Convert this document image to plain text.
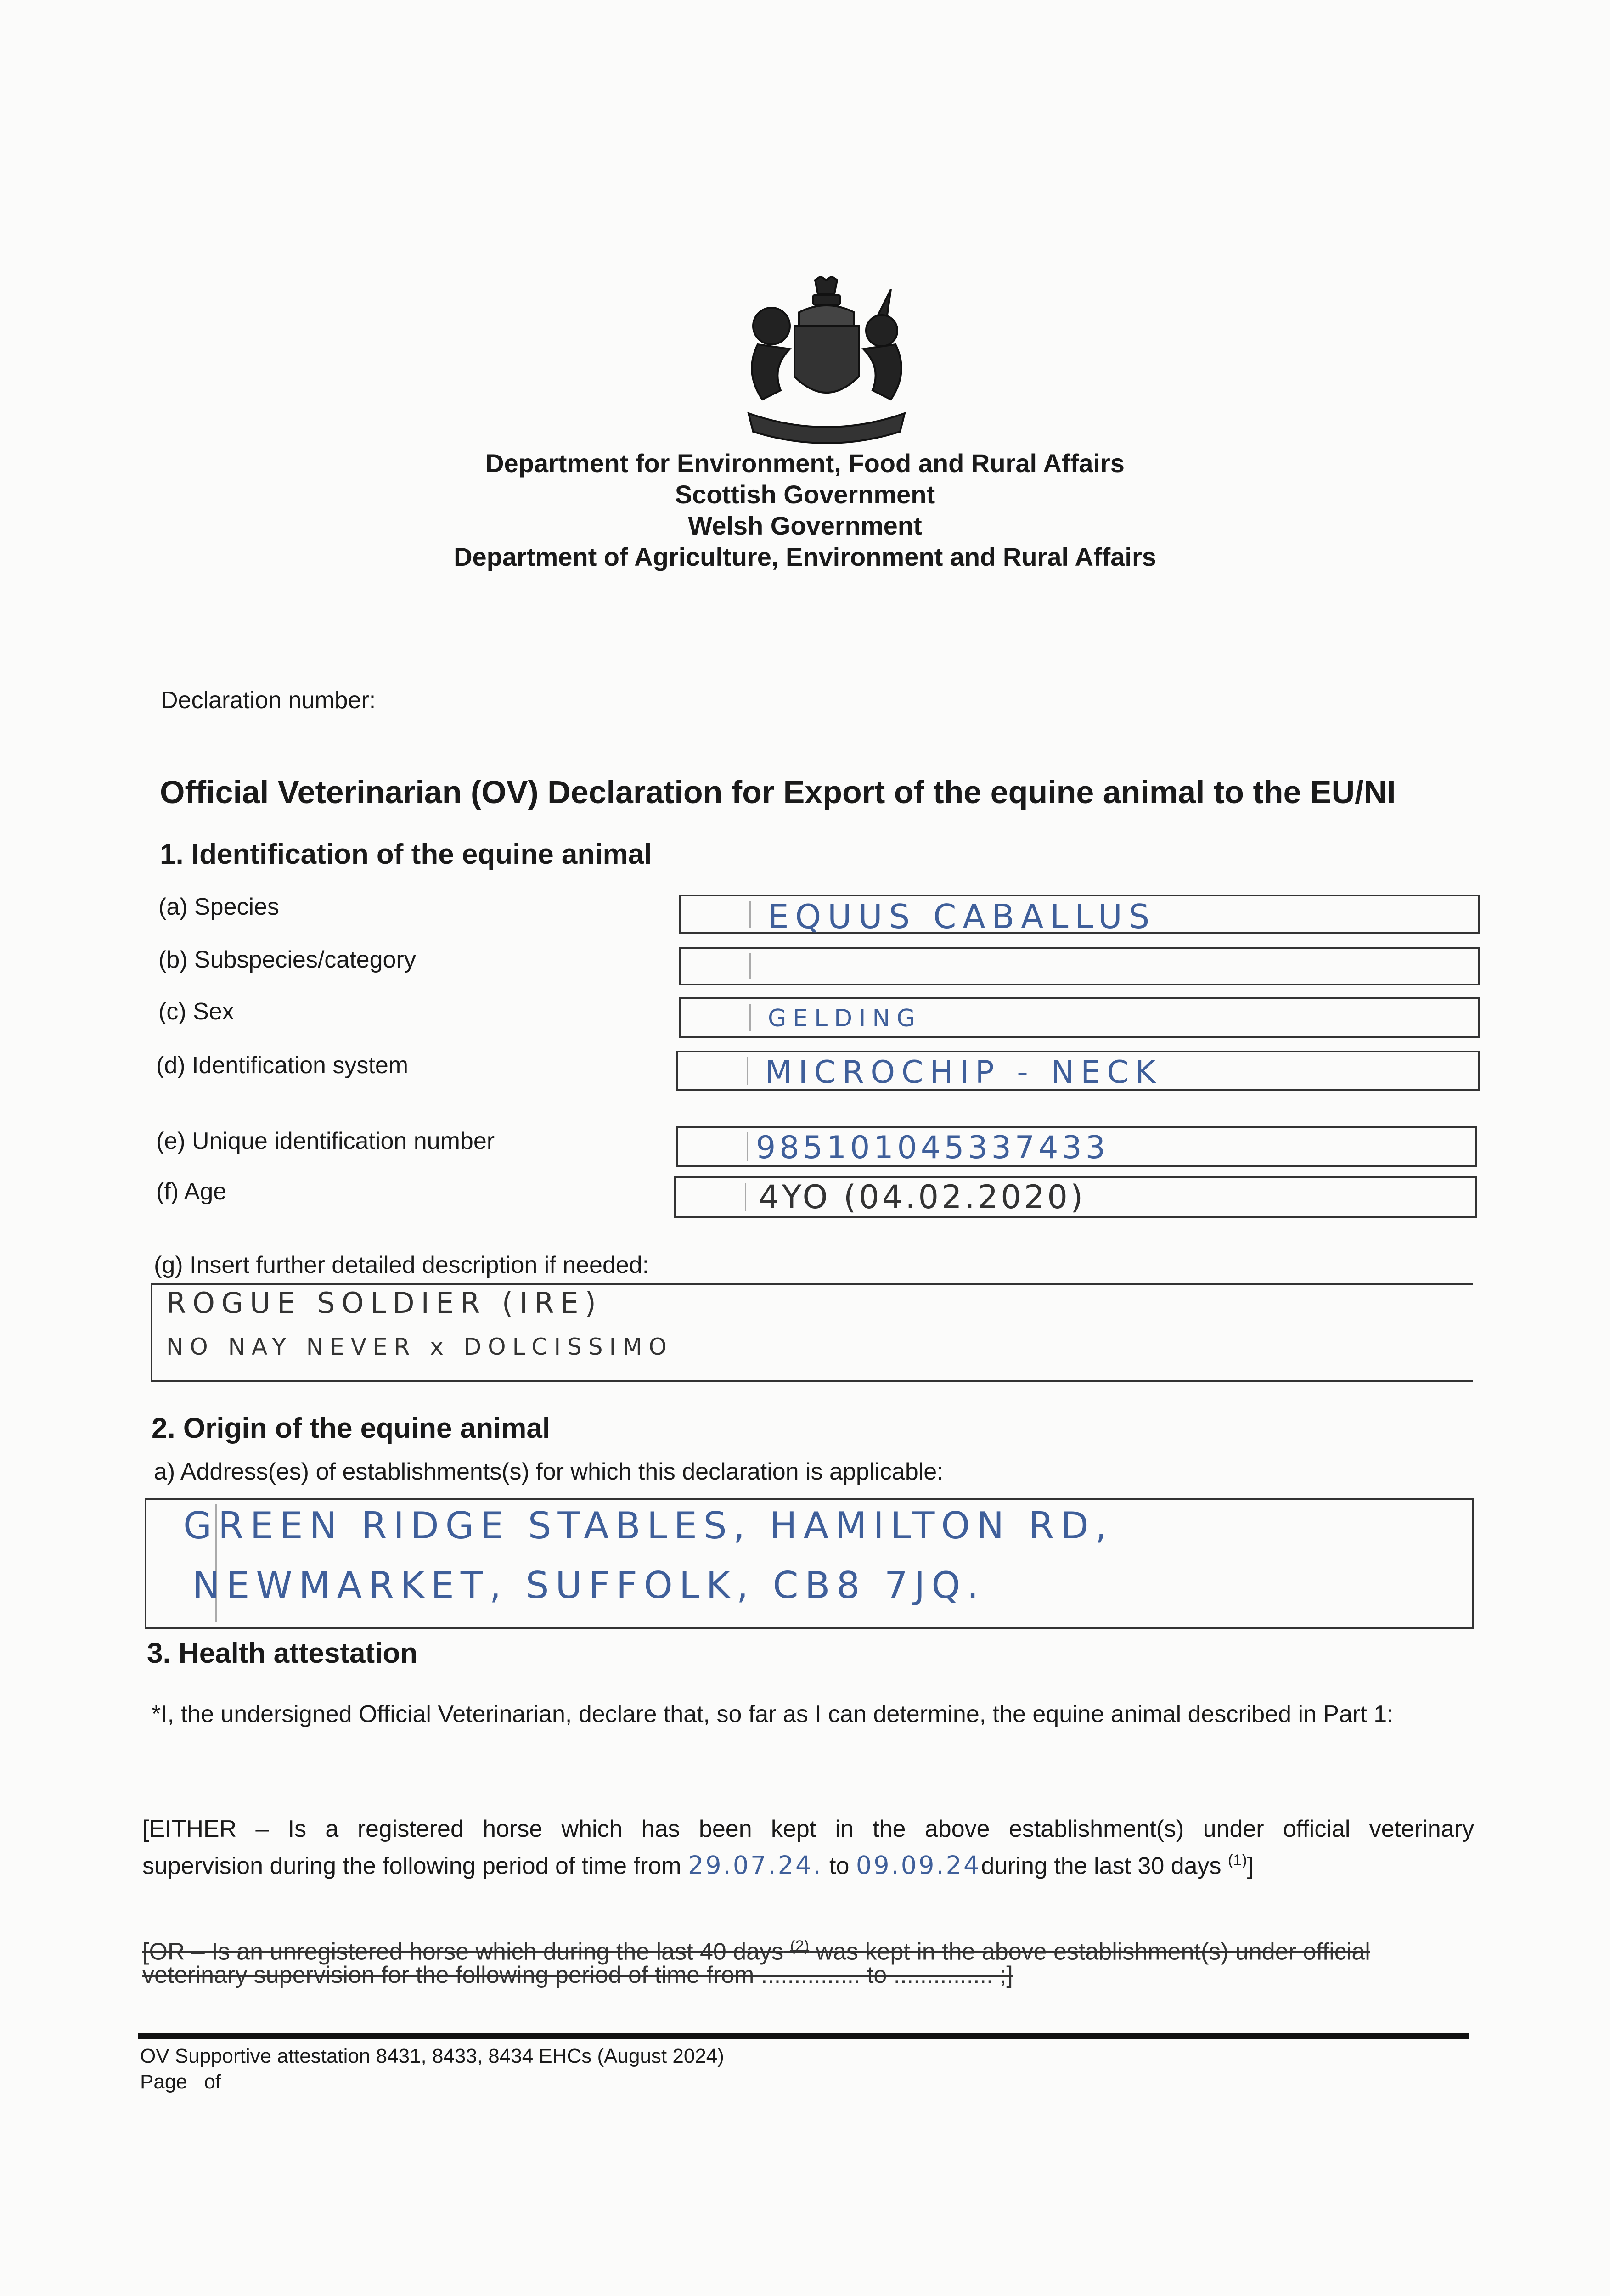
Department for Environment, Food and Rural Affairs
Scottish Government
Welsh Government
Department of Agriculture, Environment and Rural Affairs
Declaration number:
Official Veterinarian (OV) Declaration for Export of the equine animal to the EU/NI
1. Identification of the equine animal
(a) Species	EQUUS CABALLUS
(b) Subspecies/category
(c) Sex	GELDING
(d) Identification system	MICROCHIP - NECK
(e) Unique identification number	985101045337433
(f) Age	4YO (04.02.2020)
(g) Insert further detailed description if needed:
ROGUE SOLDIER (IRE)
NO NAY NEVER x DOLCISSIMO
2. Origin of the equine animal
a) Address(es) of establishments(s) for which this declaration is applicable:
GREEN RIDGE STABLES, HAMILTON RD,
NEWMARKET, SUFFOLK, CB8 7JQ.
3. Health attestation
*I, the undersigned Official Veterinarian, declare that, so far as I can determine, the equine animal described in Part 1:
[EITHER – Is a registered horse which has been kept in the above establishment(s) under official veterinary
supervision during the following period of time from 29.07.24. to 09.09.24during the last 30 days $^{(1)}$]
[OR – Is an unregistered horse which during the last 40 days $^{(2)}$ was kept in the above establishment(s) under official
veterinary supervision for the following period of time from ............... to ............... ;]
OV Supportive attestation 8431, 8433, 8434 EHCs (August 2024)
Page of
